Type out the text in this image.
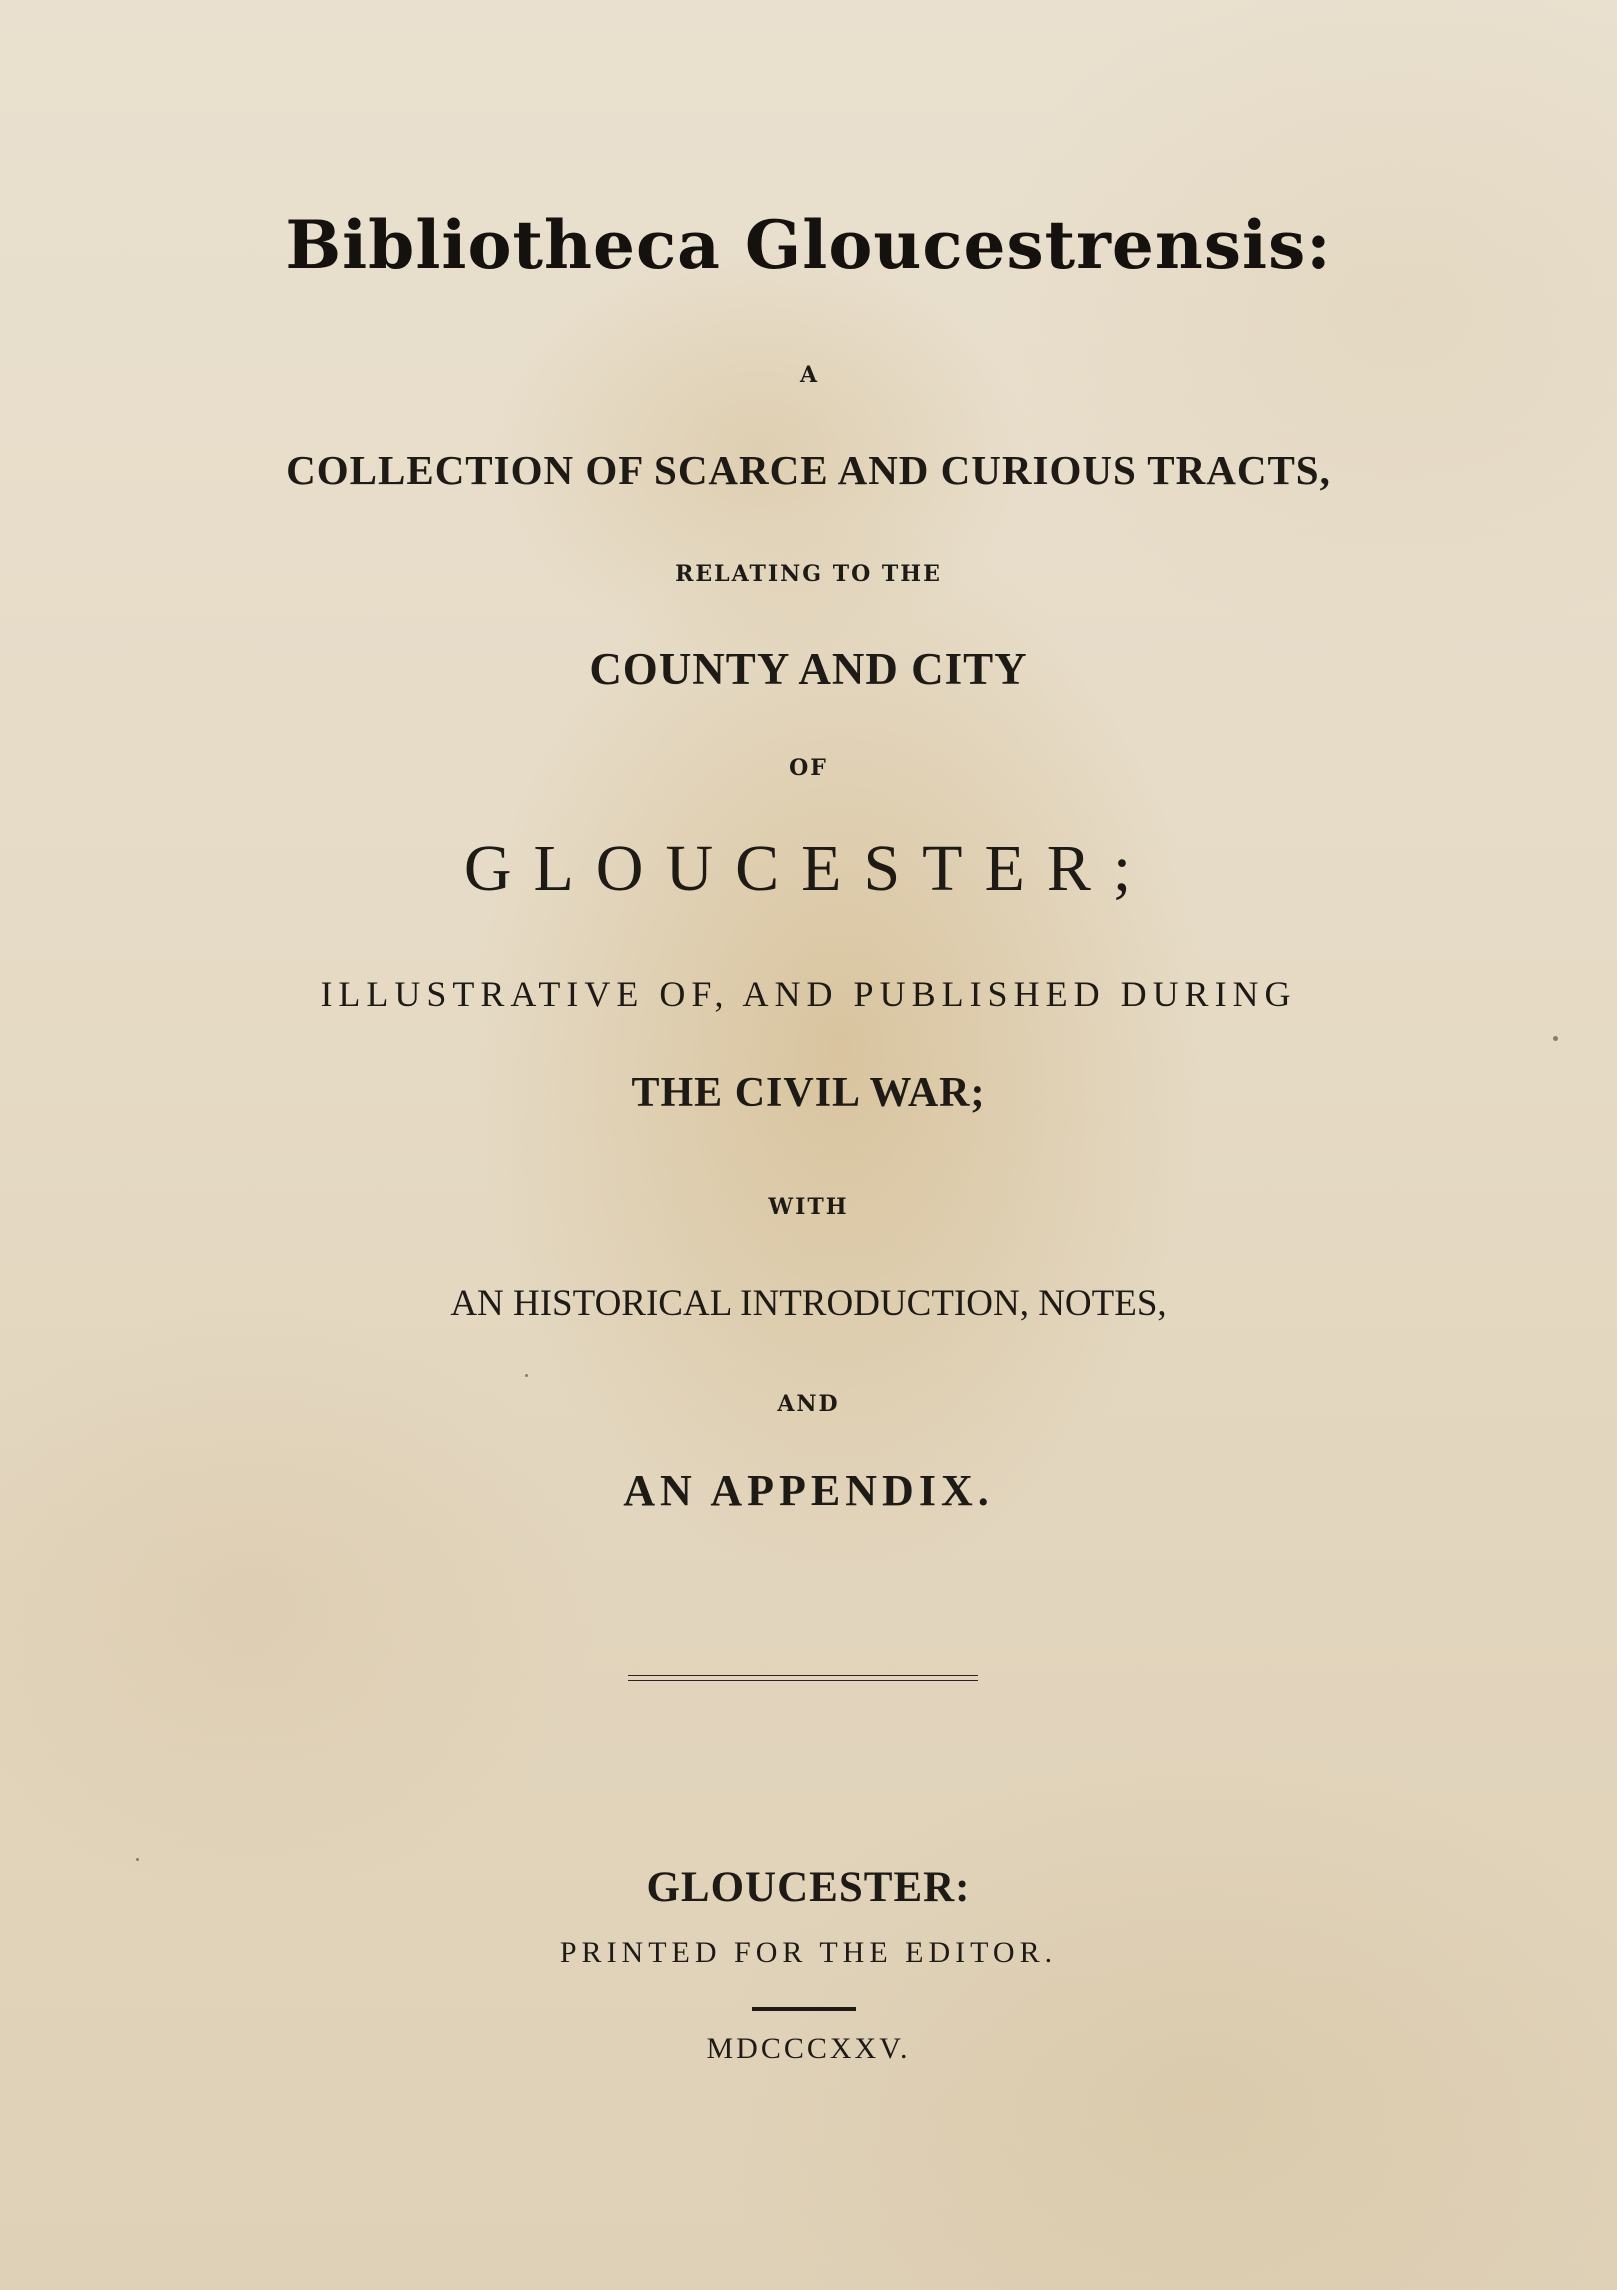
Bibliotheca Gloucestrensis:
A
COLLECTION OF SCARCE AND CURIOUS TRACTS,
RELATING TO THE
COUNTY AND CITY
OF
GLOUCESTER;
ILLUSTRATIVE OF, AND PUBLISHED DURING
THE CIVIL WAR;
WITH
AN HISTORICAL INTRODUCTION, NOTES,
AND
AN APPENDIX.
GLOUCESTER:
PRINTED FOR THE EDITOR.
MDCCCXXV.
